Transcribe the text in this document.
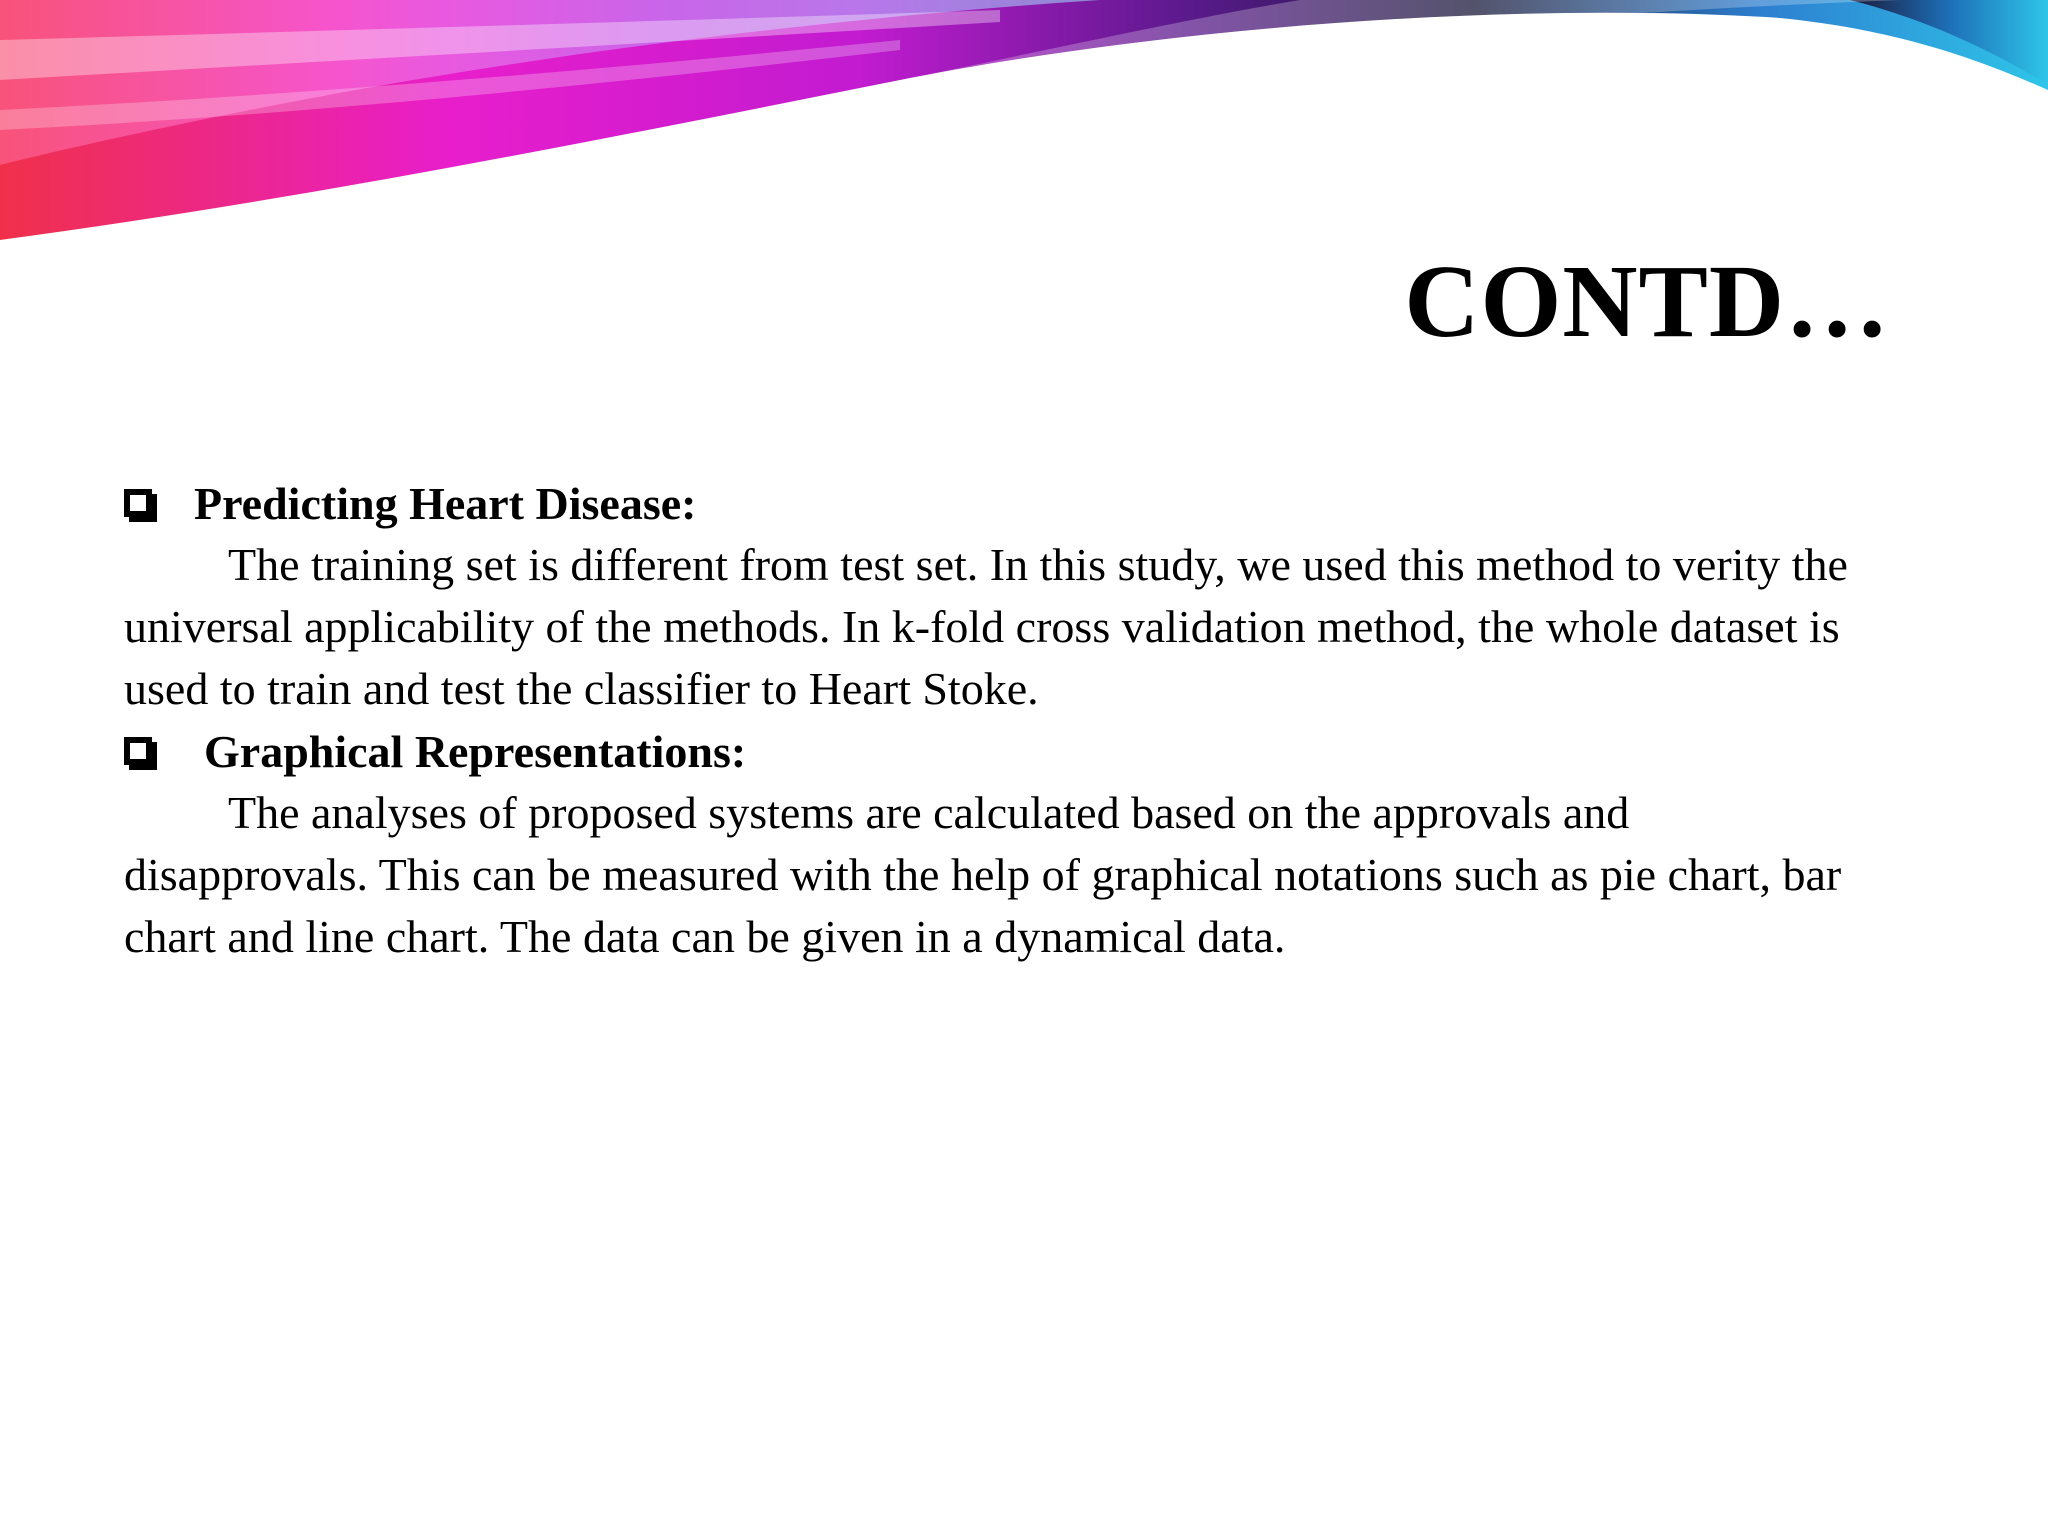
CONTD…
Predicting Heart Disease:

The training set is different from test set. In this study, we used this method to verity the universal applicability of the methods. In k-fold cross validation method, the whole dataset is used to train and test the classifier to Heart Stoke.

Graphical Representations:

The analyses of proposed systems are calculated based on the approvals and disapprovals. This can be measured with the help of graphical notations such as pie chart, bar chart and line chart. The data can be given in a dynamical data.
